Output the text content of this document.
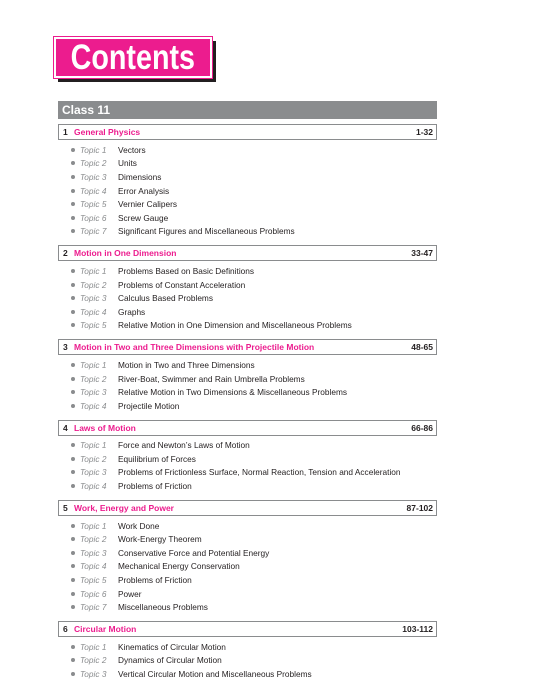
Contents
Class 11
1 General Physics	1-32
Topic 1	Vectors
Topic 2	Units
Topic 3	Dimensions
Topic 4	Error Analysis
Topic 5	Vernier Calipers
Topic 6	Screw Gauge
Topic 7	Significant Figures and Miscellaneous Problems
2 Motion in One Dimension	33-47
Topic 1	Problems Based on Basic Definitions
Topic 2	Problems of Constant Acceleration
Topic 3	Calculus Based Problems
Topic 4	Graphs
Topic 5	Relative Motion in One Dimension and Miscellaneous Problems
3 Motion in Two and Three Dimensions with Projectile Motion	48-65
Topic 1	Motion in Two and Three Dimensions
Topic 2	River-Boat, Swimmer and Rain Umbrella Problems
Topic 3	Relative Motion in Two Dimensions & Miscellaneous Problems
Topic 4	Projectile Motion
4 Laws of Motion	66-86
Topic 1	Force and Newton’s Laws of Motion
Topic 2	Equilibrium of Forces
Topic 3	Problems of Frictionless Surface, Normal Reaction, Tension and Acceleration
Topic 4	Problems of Friction
5 Work, Energy and Power	87-102
Topic 1	Work Done
Topic 2	Work-Energy Theorem
Topic 3	Conservative Force and Potential Energy
Topic 4	Mechanical Energy Conservation
Topic 5	Problems of Friction
Topic 6	Power
Topic 7	Miscellaneous Problems
6 Circular Motion	103-112
Topic 1	Kinematics of Circular Motion
Topic 2	Dynamics of Circular Motion
Topic 3	Vertical Circular Motion and Miscellaneous Problems
